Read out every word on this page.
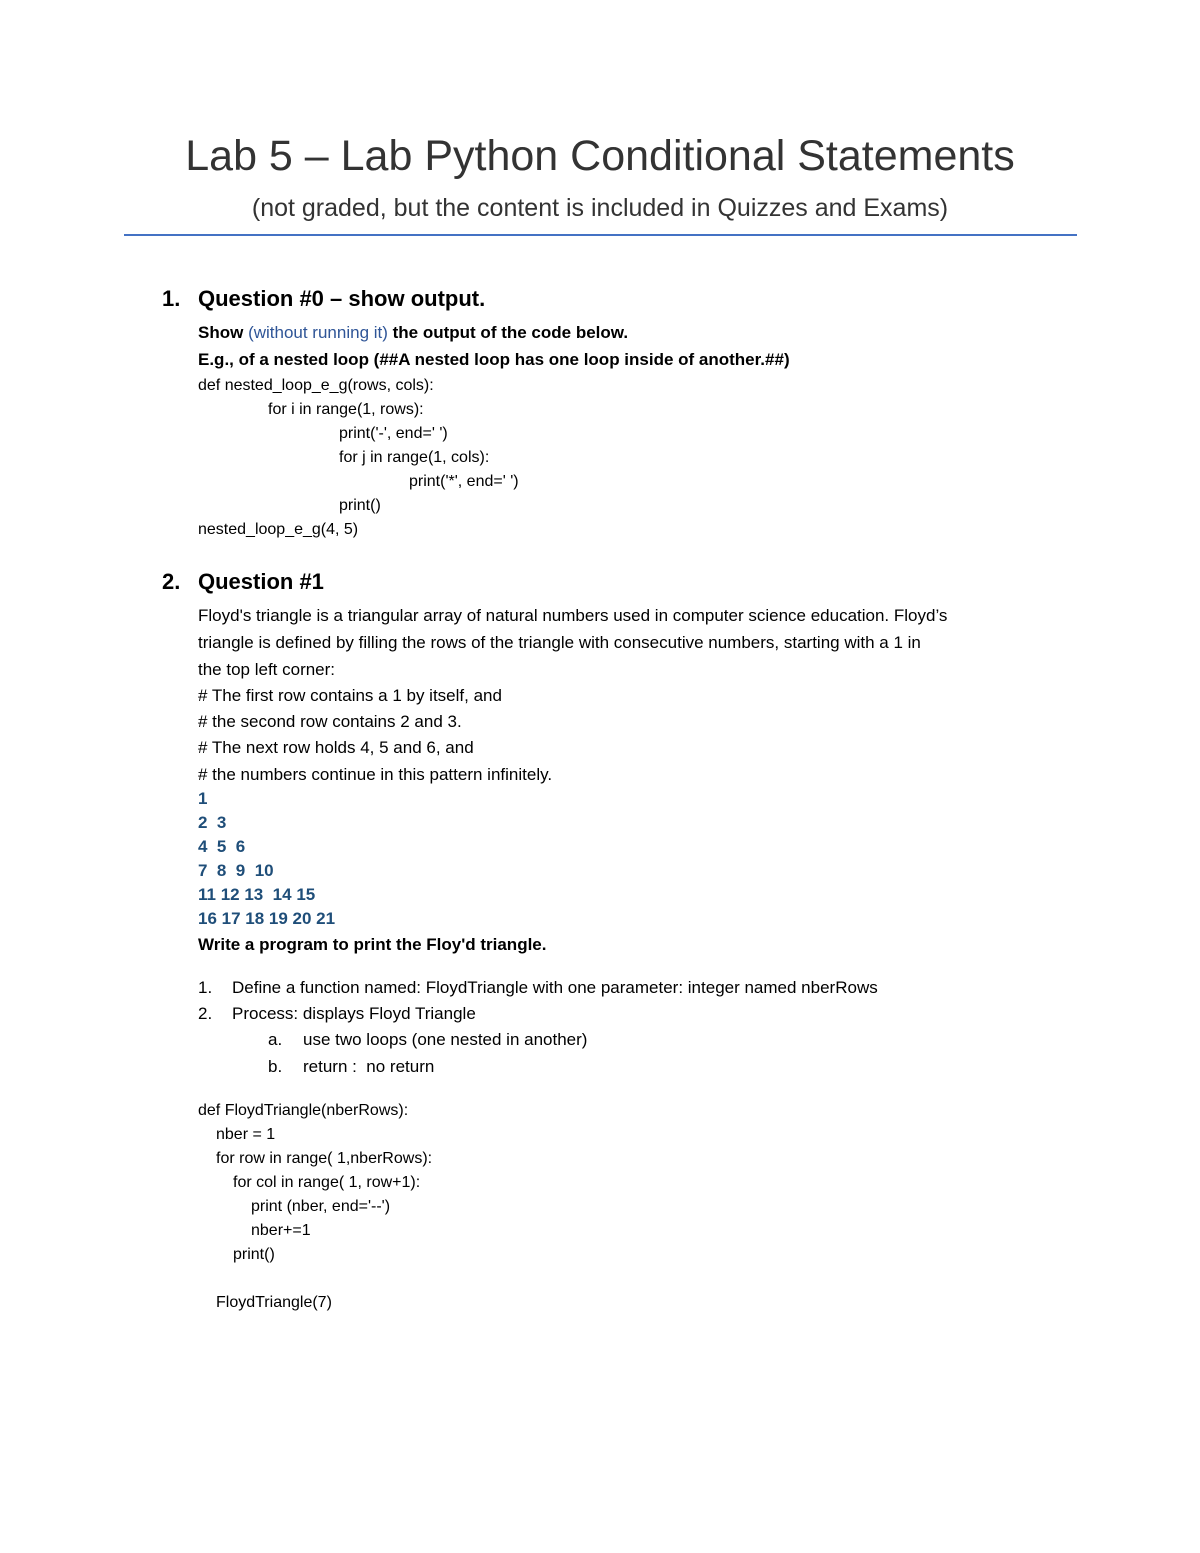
Lab 5 – Lab Python Conditional Statements
(not graded, but the content is included in Quizzes and Exams)
1. Question #0 – show output.
Show (without running it) the output of the code below.
E.g., of a nested loop (##A nested loop has one loop inside of another.##)
def nested_loop_e_g(rows, cols):
for i in range(1, rows):
print('-', end=' ')
for j in range(1, cols):
print('*', end=' ')
print()
nested_loop_e_g(4, 5)
2. Question #1
Floyd's triangle is a triangular array of natural numbers used in computer science education. Floyd’s
triangle is defined by filling the rows of the triangle with consecutive numbers, starting with a 1 in
the top left corner:
# The first row contains a 1 by itself, and
# the second row contains 2 and 3.
# The next row holds 4, 5 and 6, and
# the numbers continue in this pattern infinitely.
1
2  3
4  5  6
7  8  9  10
11 12 13  14 15
16 17 18 19 20 21
Write a program to print the Floy'd triangle.
1. Define a function named: FloydTriangle with one parameter: integer named nberRows
2. Process: displays Floyd Triangle
a. use two loops (one nested in another)
b. return :  no return
def FloydTriangle(nberRows):
nber = 1
for row in range( 1,nberRows):
for col in range( 1, row+1):
print (nber, end='--')
nber+=1
print()
FloydTriangle(7)
